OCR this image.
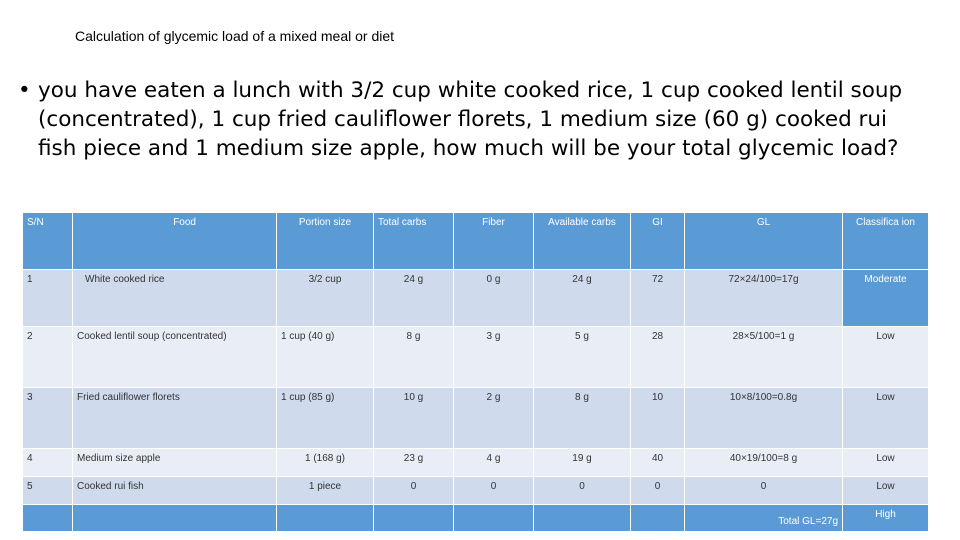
Calculation of glycemic load of a mixed meal or diet
• you have eaten a lunch with 3/2 cup white cooked rice, 1 cup cooked lentil soup (concentrated), 1 cup fried cauliflower florets, 1 medium size (60 g) cooked rui fish piece and 1 medium size apple, how much will be your total glycemic load?
S/N	Food	Portion size	Total carbs	Fiber	Available carbs	GI	GL	Classifica ion
1	White cooked rice	3/2 cup	24 g	0 g	24 g	72	72×24/100=17g	Moderate
2	Cooked lentil soup (concentrated)	1 cup (40 g)	8 g	3 g	5 g	28	28×5/100=1 g	Low
3	Fried cauliflower florets	1 cup (85 g)	10 g	2 g	8 g	10	10×8/100=0.8g	Low
4	Medium size apple	1 (168 g)	23 g	4 g	19 g	40	40×19/100=8 g	Low
5	Cooked rui fish	1 piece	0	0	0	0	0	Low
							Total GL=27g	High
